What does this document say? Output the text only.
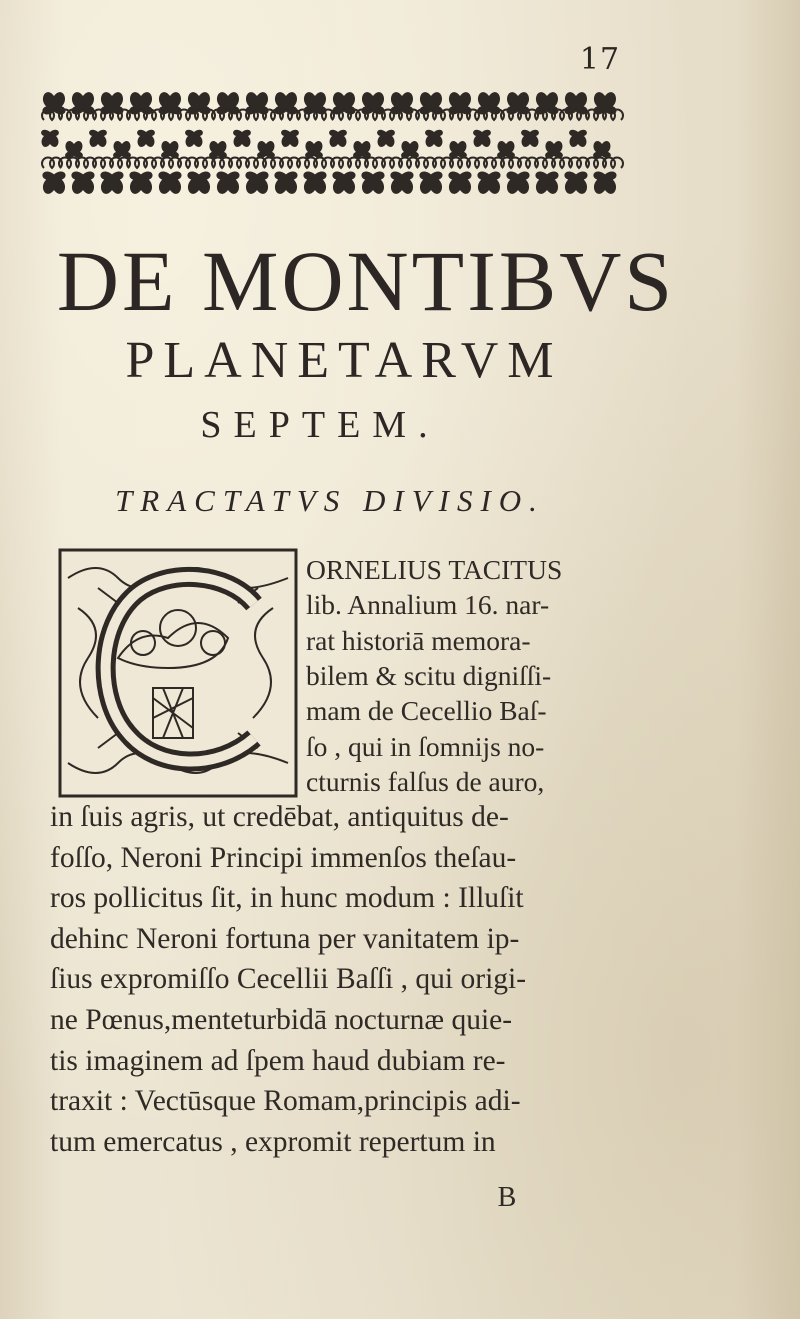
17
DE MONTIBVS
PLANETARVM
SEPTEM.
TRACTATVS DIVISIO.
ORNELIUS TACITUS
lib. Annalium 16. nar-
rat historiā memora-
bilem & scitu digniſſi-
mam de Cecellio Baſ-
ſo , qui in ſomnijs no-
cturnis falſus de auro,
in ſuis agris, ut credēbat, antiquitus de-
foſſo, Neroni Principi immenſos theſau-
ros pollicitus ſit, in hunc modum : Illuſit
dehinc Neroni fortuna per vanitatem ip-
ſius expromiſſo Cecellii Baſſi , qui origi-
ne Pœnus,menteturbidā nocturnæ quie-
tis imaginem ad ſpem haud dubiam re-
traxit : Vectūsque Romam,principis adi-
tum emercatus , expromit repertum in
B
